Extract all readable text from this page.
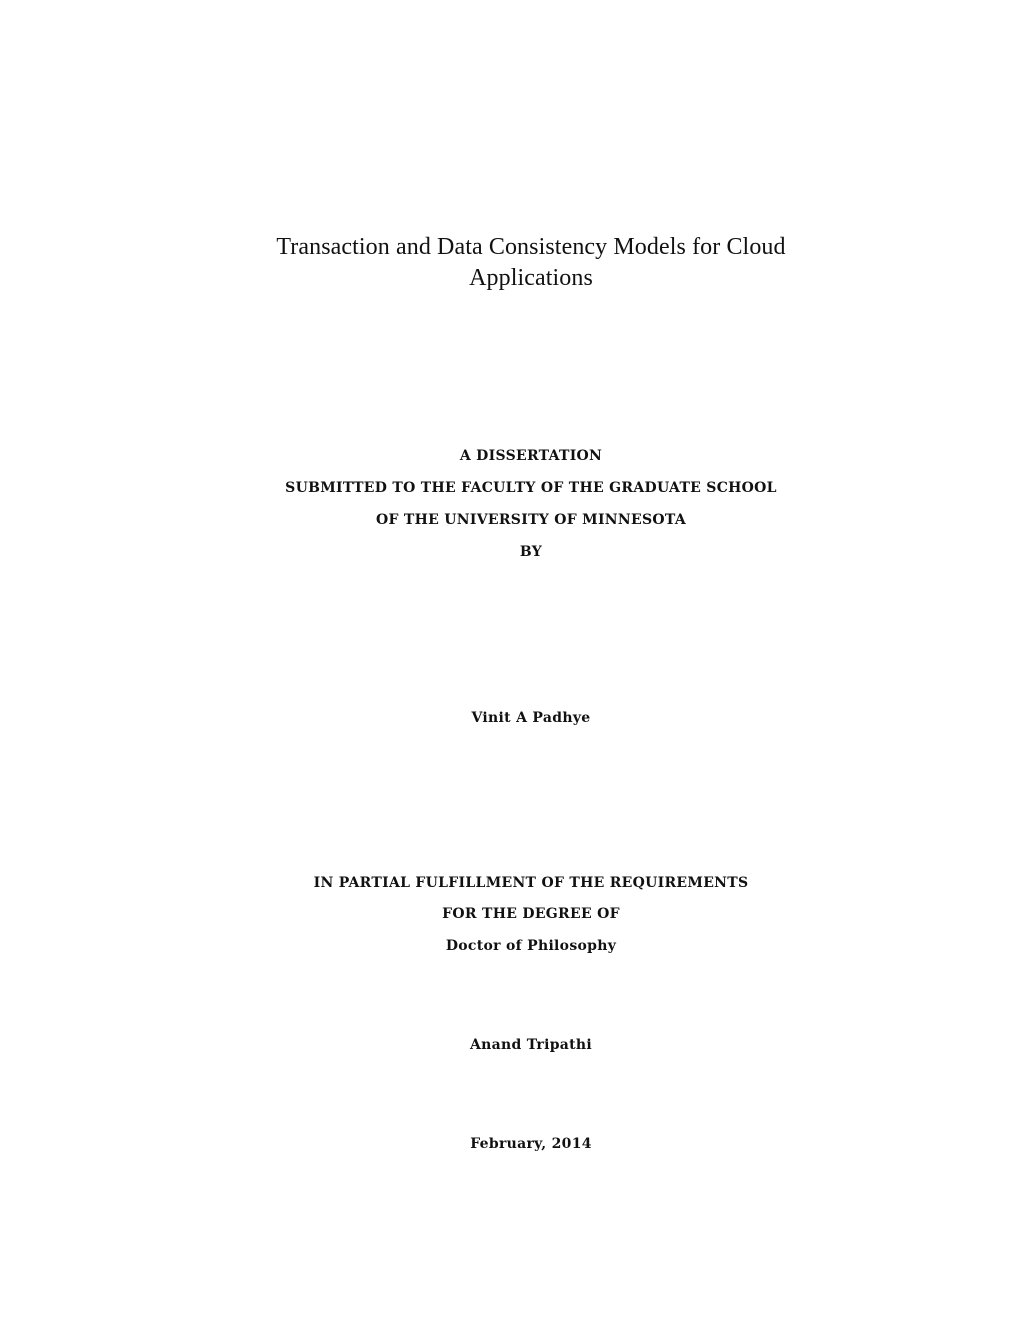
Transaction and Data Consistency Models for Cloud
Applications
A DISSERTATION
SUBMITTED TO THE FACULTY OF THE GRADUATE SCHOOL
OF THE UNIVERSITY OF MINNESOTA
BY
Vinit A Padhye
IN PARTIAL FULFILLMENT OF THE REQUIREMENTS
FOR THE DEGREE OF
Doctor of Philosophy
Anand Tripathi
February, 2014
